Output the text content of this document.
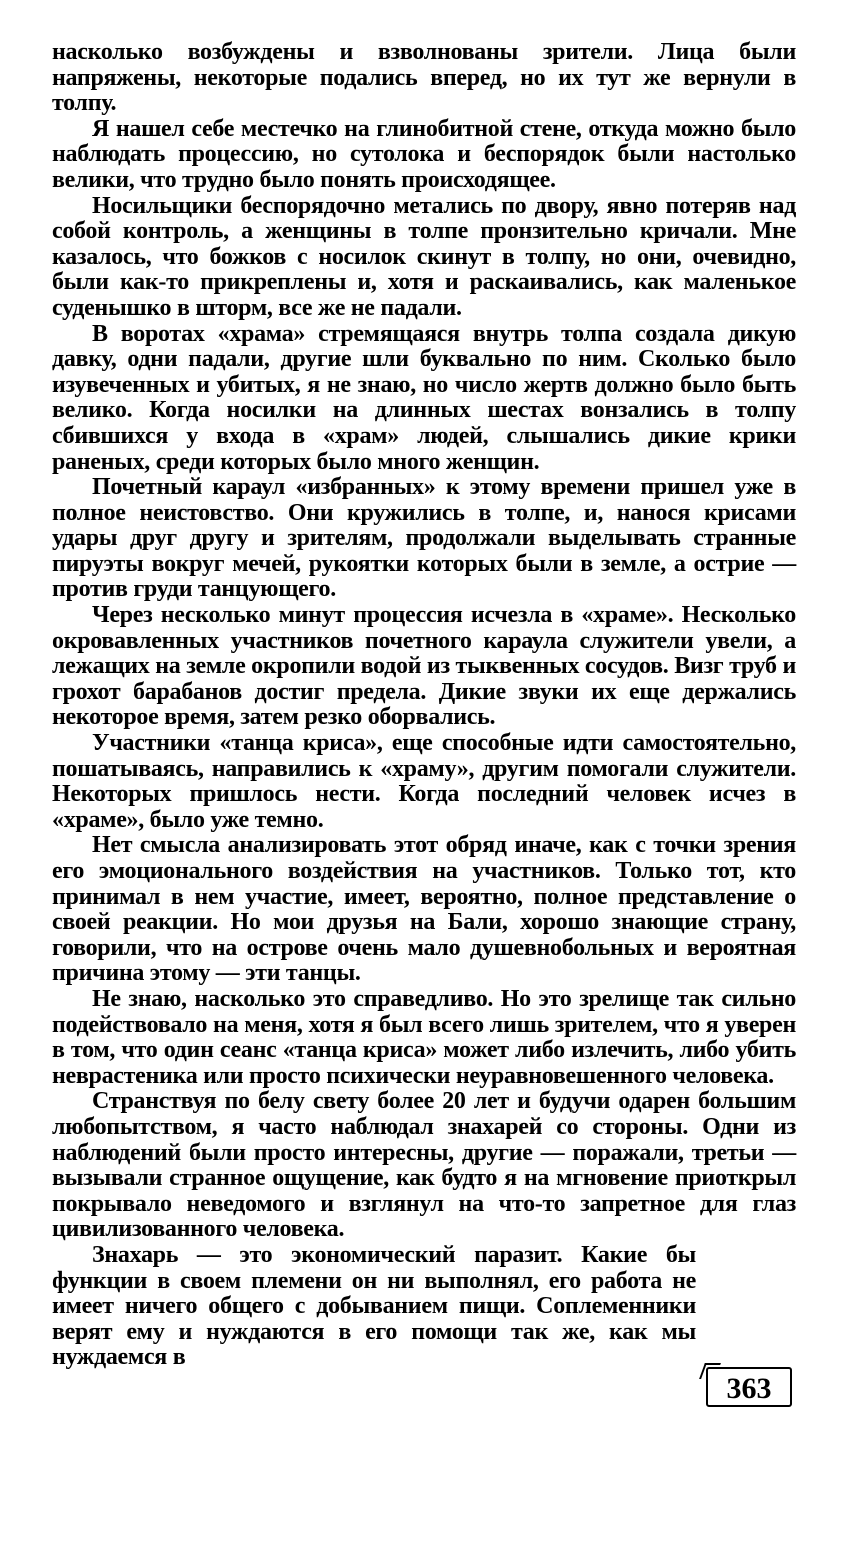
насколько возбуждены и взволнованы зрители. Лица были напряжены, некоторые подались вперед, но их тут же вернули в толпу.

Я нашел себе местечко на глинобитной стене, откуда можно было наблюдать процессию, но сутолока и беспорядок были настолько велики, что трудно было понять происходящее.

Носильщики беспорядочно метались по двору, явно потеряв над собой контроль, а женщины в толпе пронзительно кричали. Мне казалось, что божков с носилок скинут в толпу, но они, очевидно, были как-то прикреплены и, хотя и раскаивались, как маленькое суденышко в шторм, все же не падали.

В воротах «храма» стремящаяся внутрь толпа создала дикую давку, одни падали, другие шли буквально по ним. Сколько было изувеченных и убитых, я не знаю, но число жертв должно было быть велико. Когда носилки на длинных шестах вонзались в толпу сбившихся у входа в «храм» людей, слышались дикие крики раненых, среди которых было много женщин.

Почетный караул «избранных» к этому времени пришел уже в полное неистовство. Они кружились в толпе, и, нанося крисами удары друг другу и зрителям, продолжали выделывать странные пируэты вокруг мечей, рукоятки которых были в земле, а острие — против груди танцующего.

Через несколько минут процессия исчезла в «храме». Несколько окровавленных участников почетного караула служители увели, а лежащих на земле окропили водой из тыквенных сосудов. Визг труб и грохот барабанов достиг предела. Дикие звуки их еще держались некоторое время, затем резко оборвались.

Участники «танца криса», еще способные идти самостоятельно, пошатываясь, направились к «храму», другим помогали служители. Некоторых пришлось нести. Когда последний человек исчез в «храме», было уже темно.

Нет смысла анализировать этот обряд иначе, как с точки зрения его эмоционального воздействия на участников. Только тот, кто принимал в нем участие, имеет, вероятно, полное представление о своей реакции. Но мои друзья на Бали, хорошо знающие страну, говорили, что на острове очень мало душевнобольных и вероятная причина этому — эти танцы.

Не знаю, насколько это справедливо. Но это зрелище так сильно подействовало на меня, хотя я был всего лишь зрителем, что я уверен в том, что один сеанс «танца криса» может либо излечить, либо убить неврастеника или просто психически неуравновешенного человека.

Странствуя по белу свету более 20 лет и будучи одарен большим любопытством, я часто наблюдал знахарей со стороны. Одни из наблюдений были просто интересны, другие — поражали, третьи — вызывали странное ощущение, как будто я на мгновение приоткрыл покрывало неведомого и взглянул на что-то запретное для глаз цивилизованного человека.

Знахарь — это экономический паразит. Какие бы функции в своем племени он ни выполнял, его работа не имеет ничего общего с добыванием пищи. Соплеменники верят ему и нуждаются в его помощи так же, как мы нуждаемся в

363
